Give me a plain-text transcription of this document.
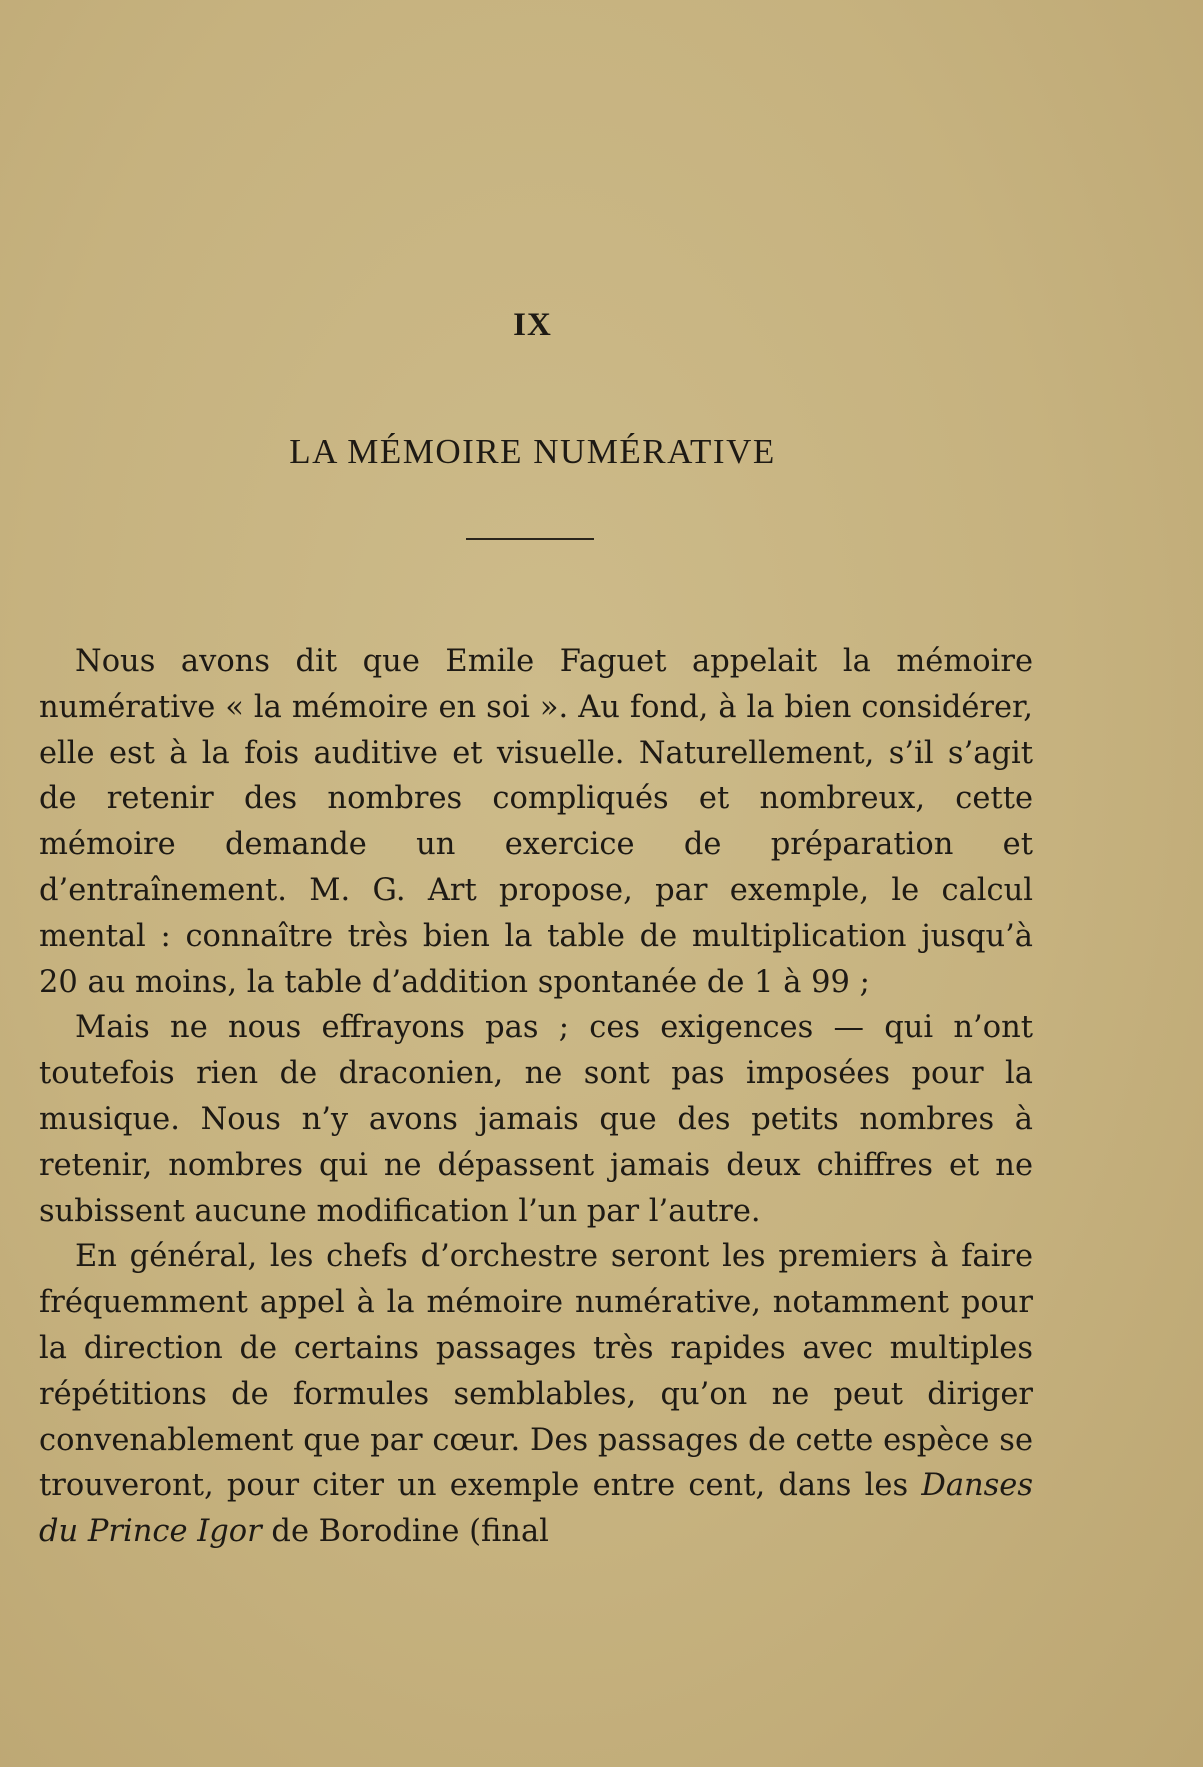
IX
LA MÉMOIRE NUMÉRATIVE

Nous avons dit que Emile Faguet appelait la mémoire numérative « la mémoire en soi ». Au fond, à la bien considérer, elle est à la fois auditive et visuelle. Naturellement, s’il s’agit de retenir des nombres compliqués et nombreux, cette mémoire demande un exercice de préparation et d’entraînement. M. G. Art propose, par exemple, le calcul mental : connaître très bien la table de multiplication jusqu’à 20 au moins, la table d’addition spontanée de 1 à 99 ;

Mais ne nous effrayons pas ; ces exigences — qui n’ont toutefois rien de draconien, ne sont pas imposées pour la musique. Nous n’y avons jamais que des petits nombres à retenir, nombres qui ne dépassent jamais deux chiffres et ne subissent aucune modification l’un par l’autre.

En général, les chefs d’orchestre seront les premiers à faire fréquemment appel à la mémoire numérative, notamment pour la direction de certains passages très rapides avec multiples répétitions de formules semblables, qu’on ne peut diriger convenablement que par cœur. Des passages de cette espèce se trouveront, pour citer un exemple entre cent, dans les Danses du Prince Igor de Borodine (final
